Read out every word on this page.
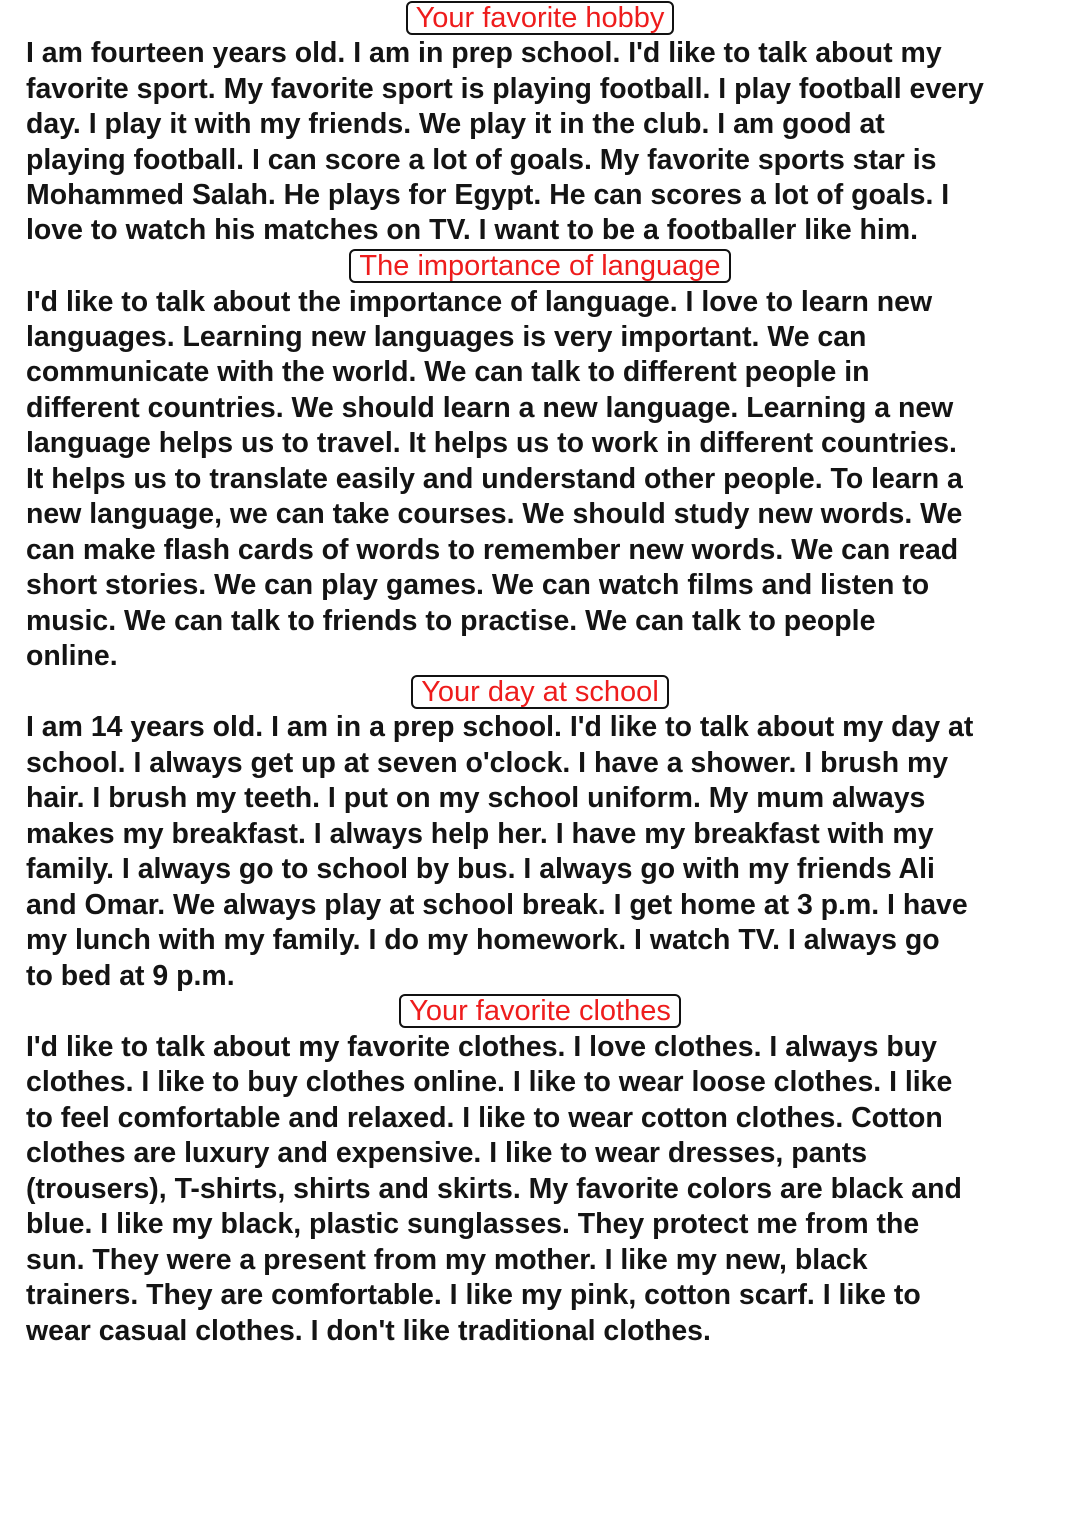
Your favorite hobby
I am fourteen years old. I am in prep school. I'd like to talk about my
favorite sport. My favorite sport is playing football. I play football every
day. I play it with my friends. We play it in the club. I am good at
playing football. I can score a lot of goals. My favorite sports star is
Mohammed Salah. He plays for Egypt. He can scores a lot of goals. I
love to watch his matches on TV. I want to be a footballer like him.
The importance of language
I'd like to talk about the importance of language. I love to learn new
languages. Learning new languages is very important. We can
communicate with the world. We can talk to different people in
different countries. We should learn a new language. Learning a new
language helps us to travel. It helps us to work in different countries.
It helps us to translate easily and understand other people. To learn a
new language, we can take courses. We should study new words. We
can make flash cards of words to remember new words. We can read
short stories. We can play games. We can watch films and listen to
music. We can talk to friends to practise. We can talk to people
online.
Your day at school
I am 14 years old. I am in a prep school. I'd like to talk about my day at
school. I always get up at seven o'clock. I have a shower. I brush my
hair. I brush my teeth. I put on my school uniform. My mum always
makes my breakfast. I always help her. I have my breakfast with my
family. I always go to school by bus. I always go with my friends Ali
and Omar. We always play at school break. I get home at 3 p.m. I have
my lunch with my family. I do my homework. I watch TV. I always go
to bed at 9 p.m.
Your favorite clothes
I'd like to talk about my favorite clothes. I love clothes. I always buy
clothes. I like to buy clothes online. I like to wear loose clothes. I like
to feel comfortable and relaxed. I like to wear cotton clothes. Cotton
clothes are luxury and expensive. I like to wear dresses, pants
(trousers), T-shirts, shirts and skirts. My favorite colors are black and
blue. I like my black, plastic sunglasses. They protect me from the
sun. They were a present from my mother. I like my new, black
trainers. They are comfortable. I like my pink, cotton scarf. I like to
wear casual clothes. I don't like traditional clothes.
